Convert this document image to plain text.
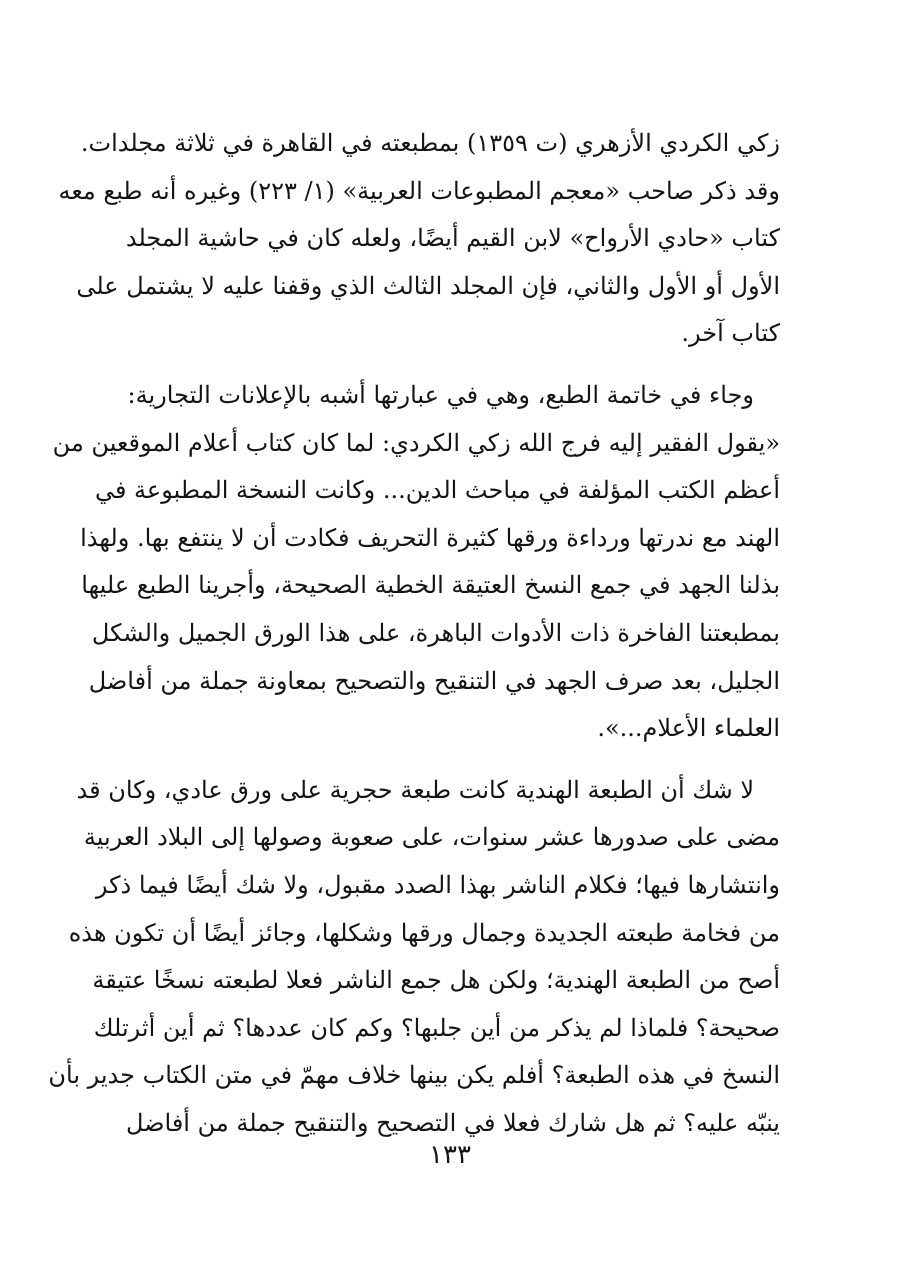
زكي الكردي الأزهري (ت ١٣٥٩) بمطبعته في القاهرة في ثلاثة مجلدات.
وقد ذكر صاحب «معجم المطبوعات العربية» (١/ ٢٢٣) وغيره أنه طبع معه
كتاب «حادي الأرواح» لابن القيم أيضًا، ولعله كان في حاشية المجلد
الأول أو الأول والثاني، فإن المجلد الثالث الذي وقفنا عليه لا يشتمل على
كتاب آخر.

وجاء في خاتمة الطبع، وهي في عبارتها أشبه بالإعلانات التجارية:
«يقول الفقير إليه فرج الله زكي الكردي: لما كان كتاب أعلام الموقعين من
أعظم الكتب المؤلفة في مباحث الدين... وكانت النسخة المطبوعة في
الهند مع ندرتها ورداءة ورقها كثيرة التحريف فكادت أن لا ينتفع بها. ولهذا
بذلنا الجهد في جمع النسخ العتيقة الخطية الصحيحة، وأجرينا الطبع عليها
بمطبعتنا الفاخرة ذات الأدوات الباهرة، على هذا الورق الجميل والشكل
الجليل، بعد صرف الجهد في التنقيح والتصحيح بمعاونة جملة من أفاضل
العلماء الأعلام...».

لا شك أن الطبعة الهندية كانت طبعة حجرية على ورق عادي، وكان قد
مضى على صدورها عشر سنوات، على صعوبة وصولها إلى البلاد العربية
وانتشارها فيها؛ فكلام الناشر بهذا الصدد مقبول، ولا شك أيضًا فيما ذكر
من فخامة طبعته الجديدة وجمال ورقها وشكلها، وجائز أيضًا أن تكون هذه
أصح من الطبعة الهندية؛ ولكن هل جمع الناشر فعلا لطبعته نسخًا عتيقة
صحيحة؟ فلماذا لم يذكر من أين جلبها؟ وكم كان عددها؟ ثم أين أثرتلك
النسخ في هذه الطبعة؟ أفلم يكن بينها خلاف مهمّ في متن الكتاب جدير بأن
ينبّه عليه؟ ثم هل شارك فعلا في التصحيح والتنقيح جملة من أفاضل

١٣٣
